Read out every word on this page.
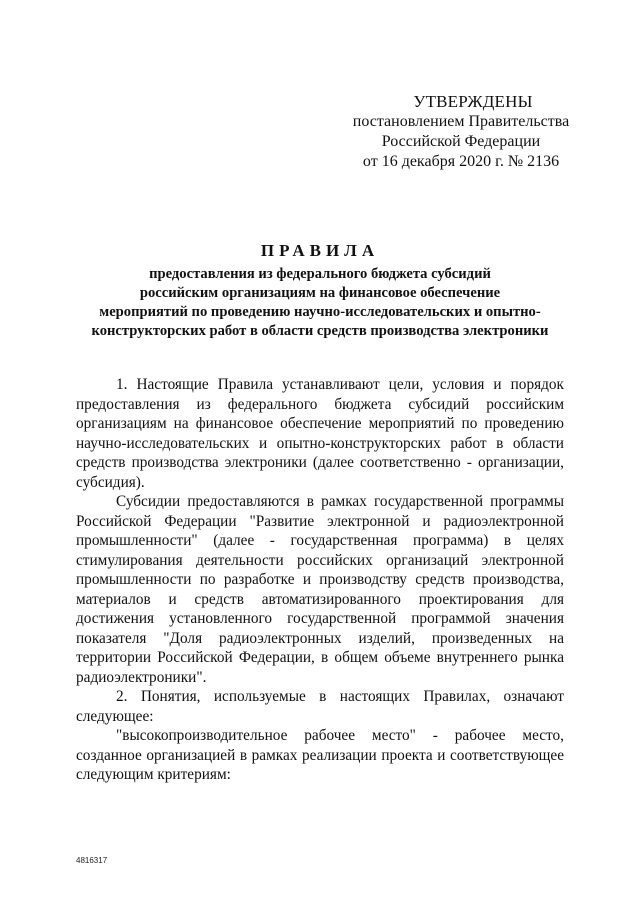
УТВЕРЖДЕНЫ
постановлением Правительства
Российской Федерации
от 16 декабря 2020 г. № 2136
ПРАВИЛА
предоставления из федерального бюджета субсидий
российским организациям на финансовое обеспечение
мероприятий по проведению научно-исследовательских и опытно-
конструкторских работ в области средств производства электроники

1. Настоящие Правила устанавливают цели, условия и порядок предоставления из федерального бюджета субсидий российским организациям на финансовое обеспечение мероприятий по проведению научно-исследовательских и опытно-конструкторских работ в области средств производства электроники (далее соответственно - организации, субсидия).

Субсидии предоставляются в рамках государственной программы Российской Федерации "Развитие электронной и радиоэлектронной промышленности" (далее - государственная программа) в целях стимулирования деятельности российских организаций электронной промышленности по разработке и производству средств производства, материалов и средств автоматизированного проектирования для достижения установленного государственной программой значения показателя "Доля радиоэлектронных изделий, произведенных на территории Российской Федерации, в общем объеме внутреннего рынка радиоэлектроники".

2. Понятия, используемые в настоящих Правилах, означают следующее:

"высокопроизводительное рабочее место" - рабочее место, созданное организацией в рамках реализации проекта и соответствующее следующим критериям:

4816317
